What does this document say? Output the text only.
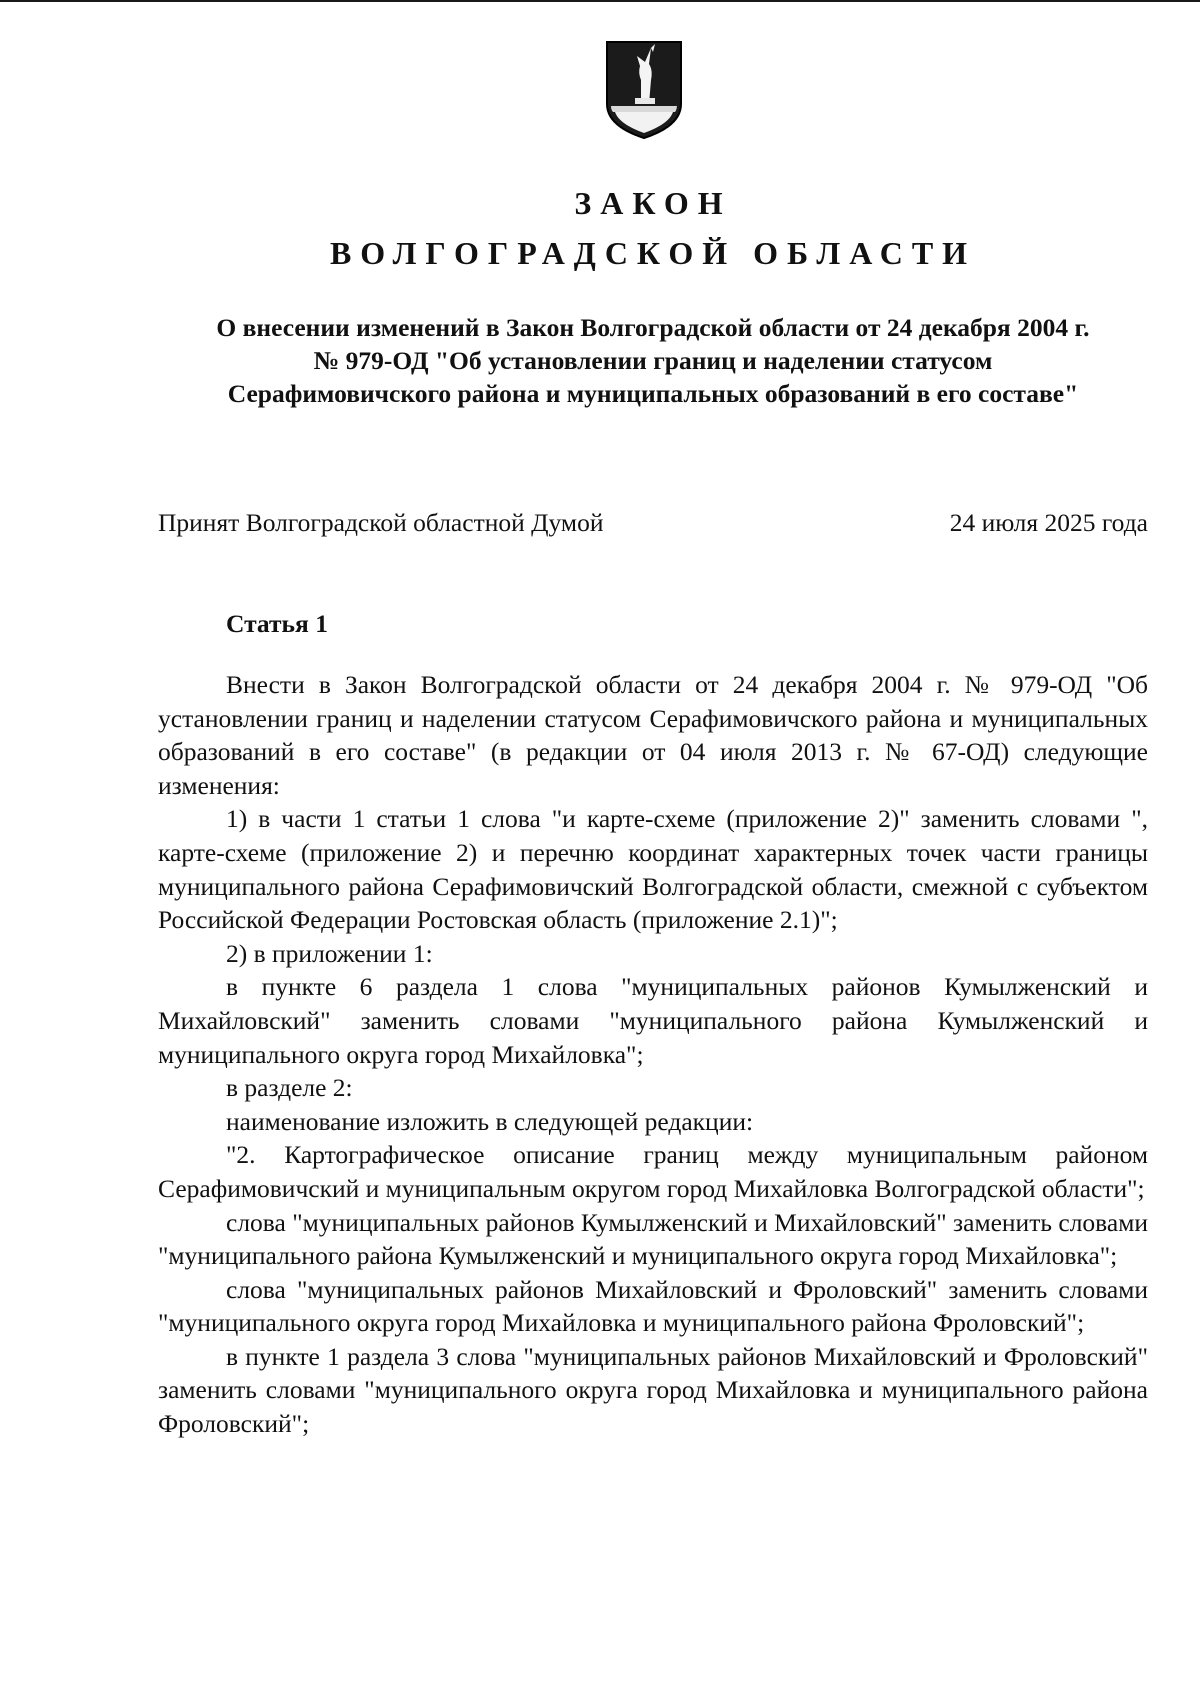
ЗАКОН
ВОЛГОГРАДСКОЙ ОБЛАСТИ
О внесении изменений в Закон Волгоградской области от 24 декабря 2004 г.
№ 979-ОД "Об установлении границ и наделении статусом
Серафимовичского района и муниципальных образований в его составе"
Принят Волгоградской областной Думой	24 июля 2025 года
Статья 1

Внести в Закон Волгоградской области от 24 декабря 2004 г. № 979-ОД "Об установлении границ и наделении статусом Серафимовичского района и муниципальных образований в его составе" (в редакции от 04 июля 2013 г. № 67-ОД) следующие изменения:

1) в части 1 статьи 1 слова "и карте-схеме (приложение 2)" заменить словами ", карте-схеме (приложение 2) и перечню координат характерных точек части границы муниципального района Серафимовичский Волгоградской области, смежной с субъектом Российской Федерации Ростовская область (приложение 2.1)";

2) в приложении 1:

в пункте 6 раздела 1 слова "муниципальных районов Кумылженский и Михайловский" заменить словами "муниципального района Кумылженский и муниципального округа город Михайловка";

в разделе 2:

наименование изложить в следующей редакции:

"2. Картографическое описание границ между муниципальным районом Серафимовичский и муниципальным округом город Михайловка Волгоградской области";

слова "муниципальных районов Кумылженский и Михайловский" заменить словами "муниципального района Кумылженский и муниципального округа город Михайловка";

слова "муниципальных районов Михайловский и Фроловский" заменить словами "муниципального округа город Михайловка и муниципального района Фроловский";

в пункте 1 раздела 3 слова "муниципальных районов Михайловский и Фроловский" заменить словами "муниципального округа город Михайловка и муниципального района Фроловский";
